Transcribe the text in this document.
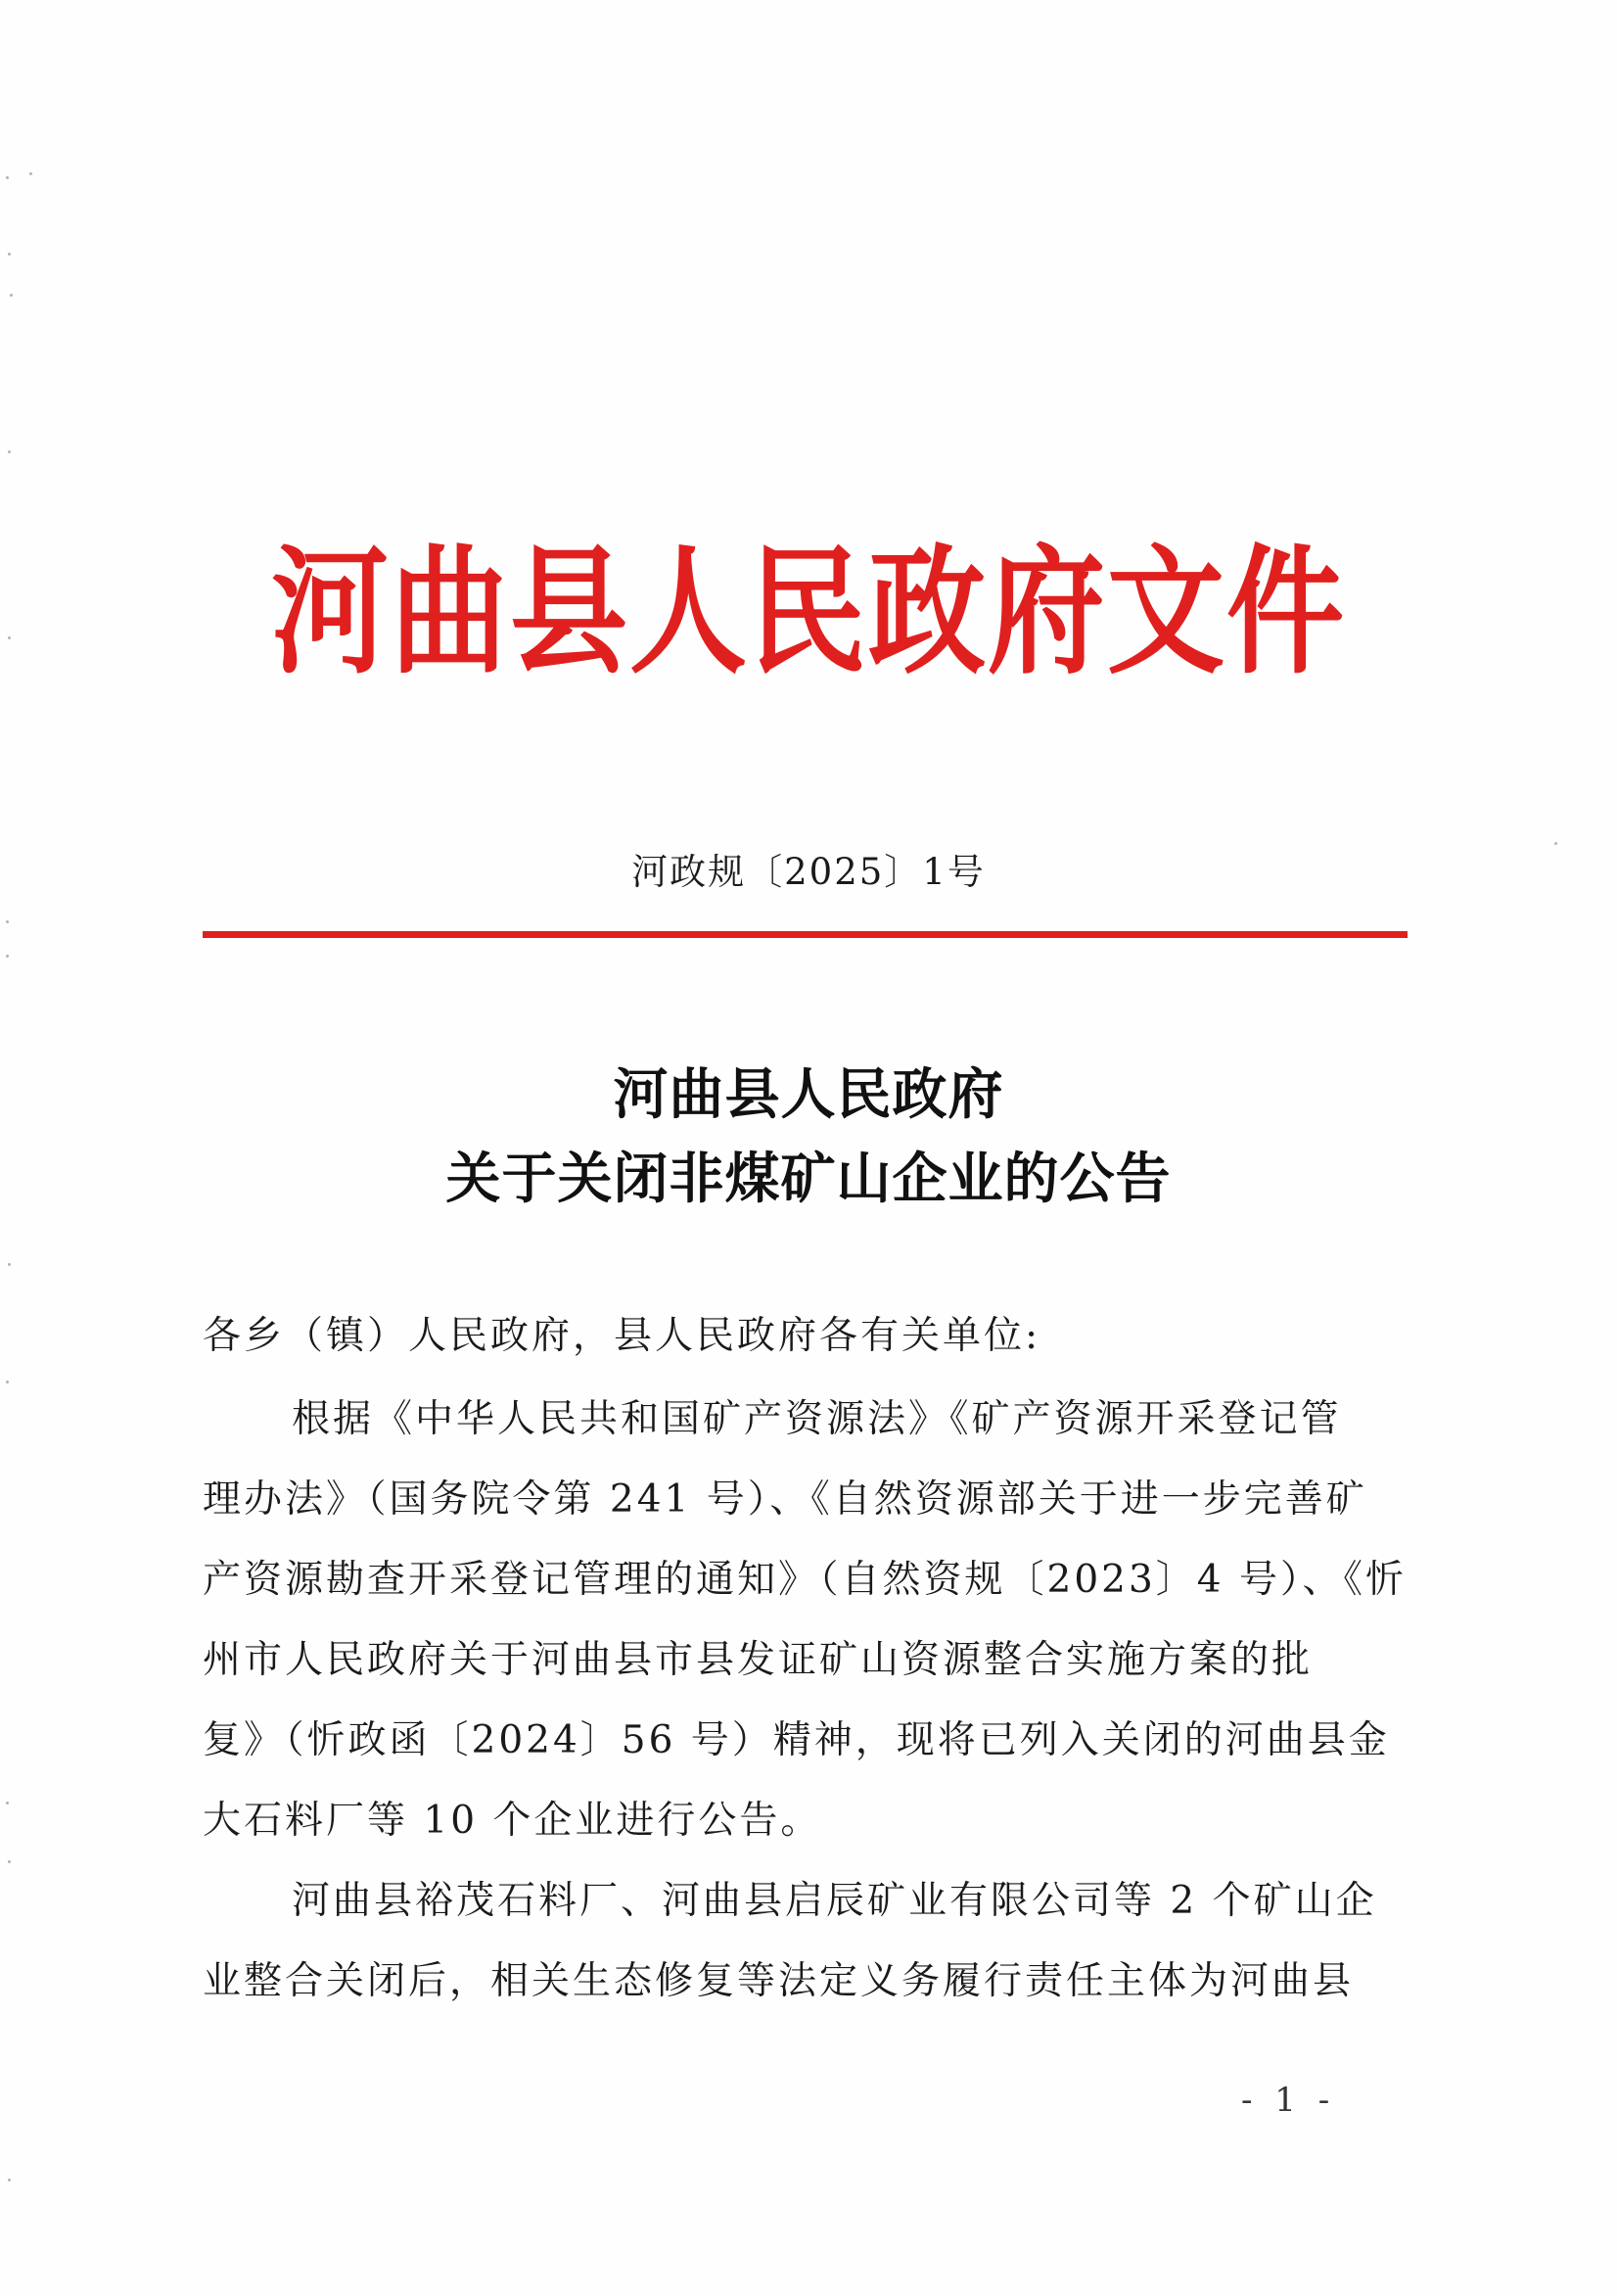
河曲县人民政府文件
河政规〔2025〕1号
河曲县人民政府
关于关闭非煤矿山企业的公告
各乡（镇）人民政府，县人民政府各有关单位:
根据《中华人民共和国矿产资源法》《矿产资源开采登记管
理办法》（国务院令第 241 号）、《自然资源部关于进一步完善矿
产资源勘查开采登记管理的通知》（自然资规〔2023〕4 号）、《忻
州市人民政府关于河曲县市县发证矿山资源整合实施方案的批
复》（忻政函〔2024〕56 号）精神，现将已列入关闭的河曲县金
大石料厂等 10 个企业进行公告。
河曲县裕茂石料厂、河曲县启辰矿业有限公司等 2 个矿山企
业整合关闭后，相关生态修复等法定义务履行责任主体为河曲县
- 1 -
